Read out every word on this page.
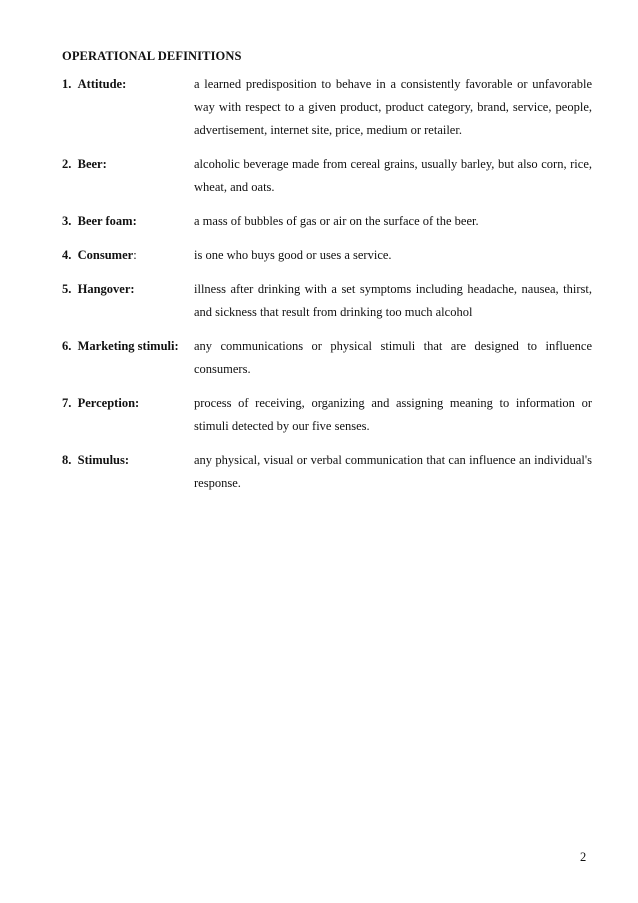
OPERATIONAL DEFINITIONS
1. Attitude:	a learned predisposition to behave in a consistently favorable or unfavorable way with respect to a given product, product category, brand, service, people, advertisement, internet site, price, medium or retailer.

2. Beer:	alcoholic beverage made from cereal grains, usually barley, but also corn, rice, wheat, and oats.

3. Beer foam:	a mass of bubbles of gas or air on the surface of the beer.

4. Consumer:	is one who buys good or uses a service.

5. Hangover:	illness after drinking with a set symptoms including headache, nausea, thirst, and sickness that result from drinking too much alcohol

6. Marketing stimuli:	any communications or physical stimuli that are designed to influence consumers.

7. Perception:	process of receiving, organizing and assigning meaning to information or stimuli detected by our five senses.

8. Stimulus:	any physical, visual or verbal communication that can influence an individual's response.

2
